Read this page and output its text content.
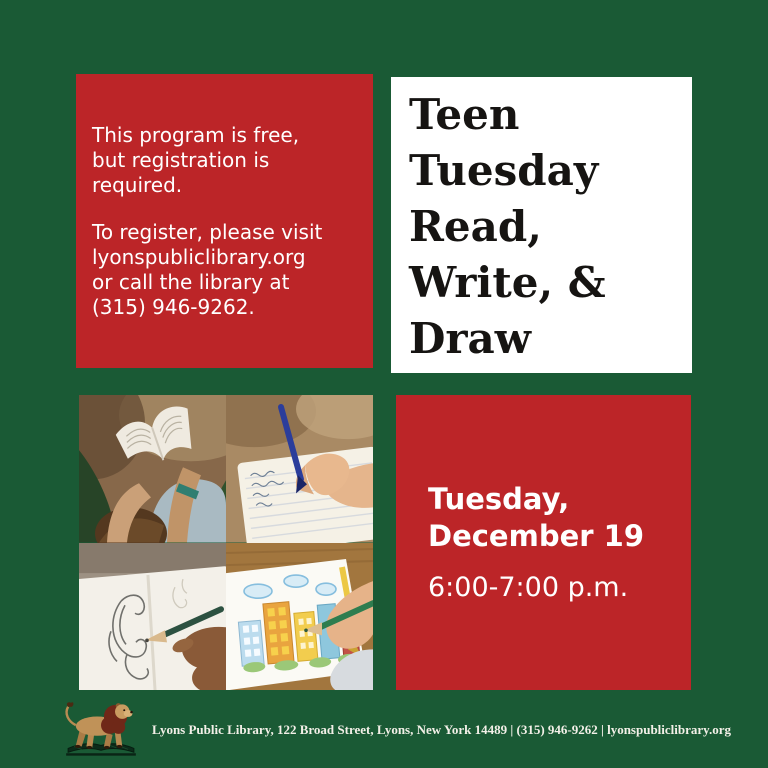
This program is free,
but registration is
required.
To register, please visit
lyonspubliclibrary.org
or call the library at
(315) 946-9262.
Teen
Tuesday
Read,
Write, &
Draw
Tuesday,
December 19
6:00-7:00 p.m.
Lyons Public Library, 122 Broad Street, Lyons, New York 14489 | (315) 946-9262 | lyonspubliclibrary.org
